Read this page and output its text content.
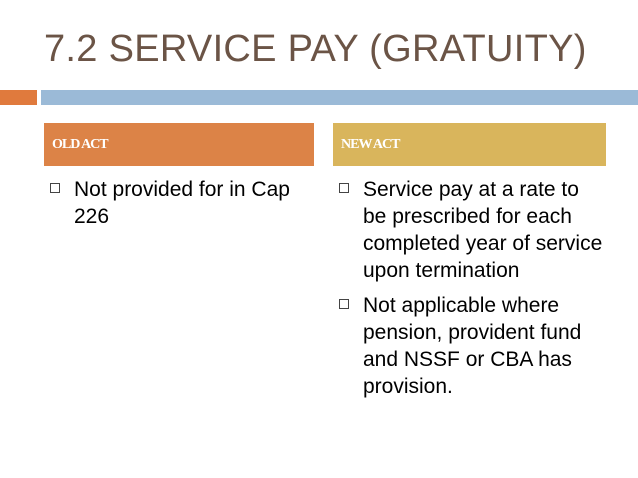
7.2 SERVICE PAY (GRATUITY)
OLD ACT	NEW ACT
Not provided for in Cap 226
Service pay at a rate to be prescribed for each completed year of service upon termination
Not applicable where pension, provident fund and NSSF or CBA has provision.
